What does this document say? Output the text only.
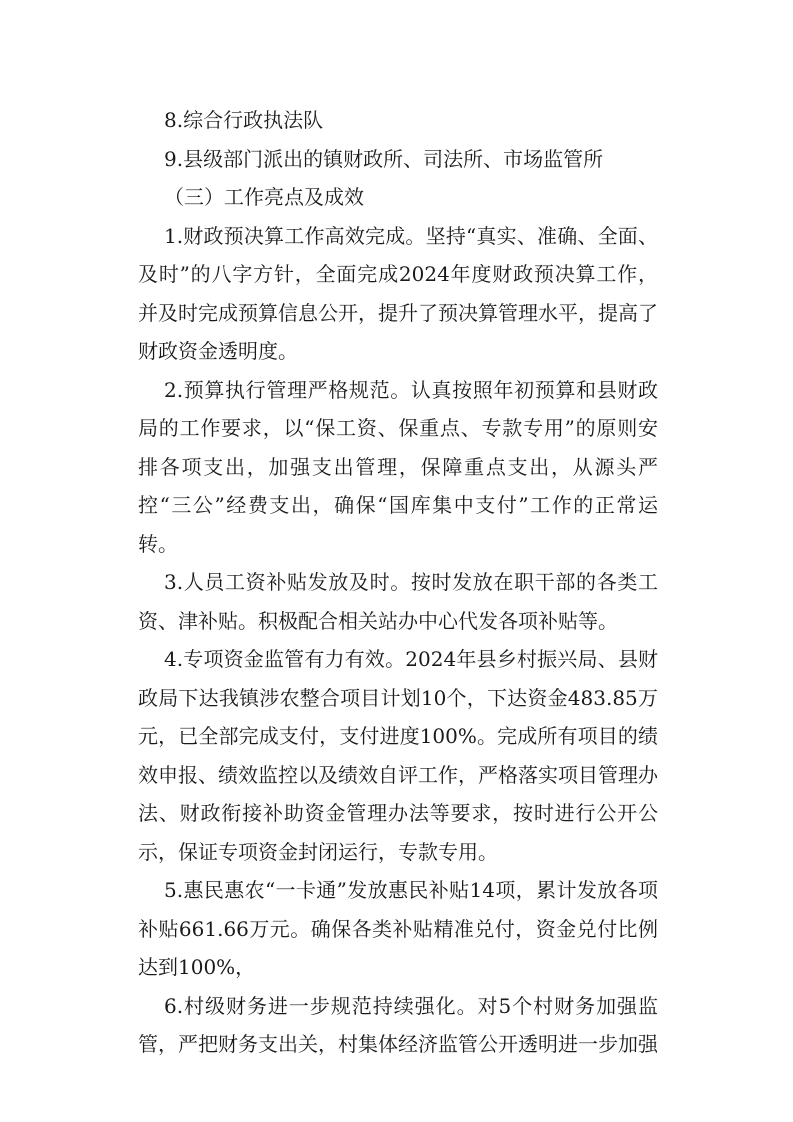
8.综合行政执法队

9.县级部门派出的镇财政所、司法所、市场监管所

（三）工作亮点及成效

1.财政预决算工作高效完成。坚持“真实、准确、全面、及时”的八字方针，全面完成2024年度财政预决算工作，并及时完成预算信息公开，提升了预决算管理水平，提高了财政资金透明度。

2.预算执行管理严格规范。认真按照年初预算和县财政局的工作要求，以“保工资、保重点、专款专用”的原则安排各项支出，加强支出管理，保障重点支出，从源头严控“三公”经费支出，确保“国库集中支付”工作的正常运转。

3.人员工资补贴发放及时。按时发放在职干部的各类工资、津补贴。积极配合相关站办中心代发各项补贴等。

4.专项资金监管有力有效。2024年县乡村振兴局、县财政局下达我镇涉农整合项目计划10个，下达资金483.85万元，已全部完成支付，支付进度100%。完成所有项目的绩效申报、绩效监控以及绩效自评工作，严格落实项目管理办法、财政衔接补助资金管理办法等要求，按时进行公开公示，保证专项资金封闭运行，专款专用。

5.惠民惠农“一卡通”发放惠民补贴14项，累计发放各项补贴661.66万元。确保各类补贴精准兑付，资金兑付比例达到100%，

6.村级财务进一步规范持续强化。对5个村财务加强监管，严把财务支出关，村集体经济监管公开透明进一步加强
